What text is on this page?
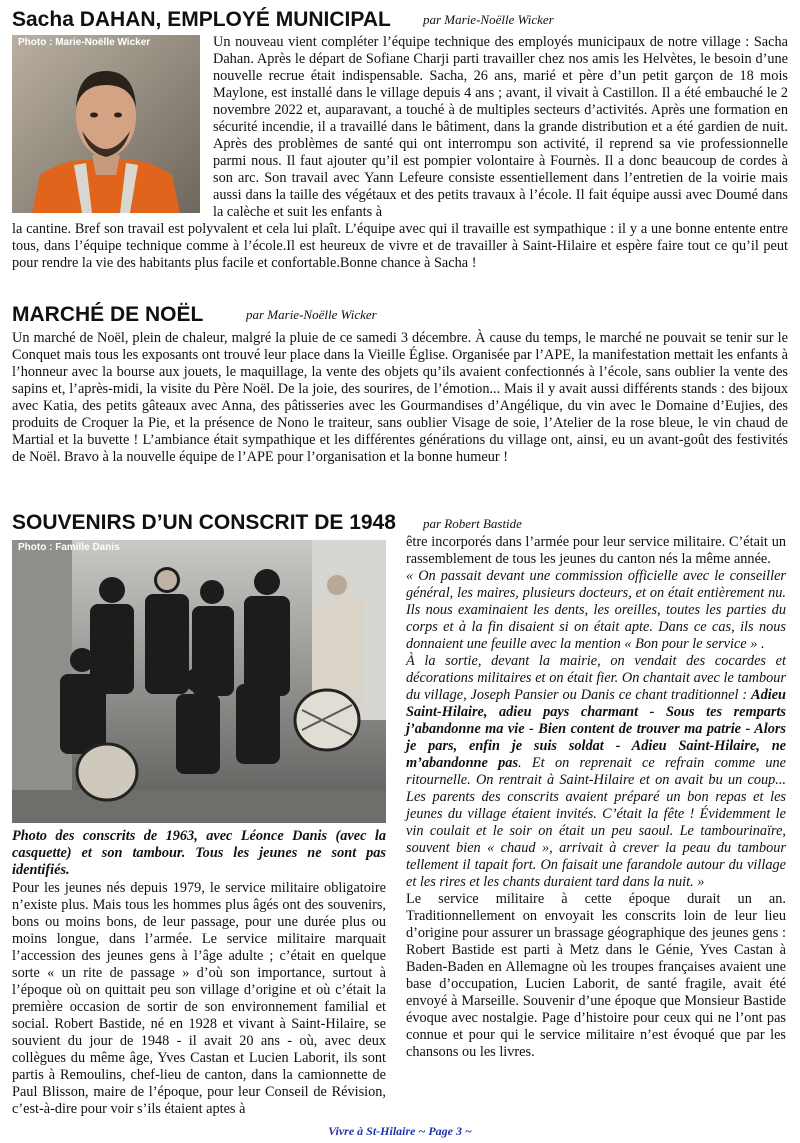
Sacha DAHAN, EMPLOYÉ MUNICIPAL par Marie-Noëlle Wicker
Photo : Marie-Noëlle Wicker	Un nouveau vient compléter l’équipe technique des employés municipaux de notre village : Sacha Dahan. Après le départ de Sofiane Charji parti travailler chez nos amis les Helvètes, le besoin d’une nouvelle recrue était indispensable. Sacha, 26 ans, marié et père d’un petit garçon de 18 mois Maylone, est installé dans le village depuis 4 ans ; avant, il vivait à Castillon. Il a été embauché le 2 novembre 2022 et, auparavant, a touché à de multiples secteurs d’activités. Après une formation en sécurité incendie, il a travaillé dans le bâtiment, dans la grande distribution et a été gardien de nuit. Après des problèmes de santé qui ont interrompu son activité, il reprend sa vie professionnelle parmi nous. Il faut ajouter qu’il est pompier volontaire à Fournès. Il a donc beaucoup de cordes à son arc. Son travail avec Yann Lefeure consiste essentiellement dans l’entretien de la voirie mais aussi dans la taille des végétaux et des petits travaux à l’école. Il fait équipe aussi avec Doumé dans la calèche et suit les enfants à

la cantine. Bref son travail est polyvalent et cela lui plaît. L’équipe avec qui il travaille est sympathique : il y a une bonne entente entre tous, dans l’équipe technique comme à l’école.Il est heureux de vivre et de travailler à Saint-Hilaire et espère faire tout ce qu’il peut pour rendre la vie des habitants plus facile et confortable.Bonne chance à Sacha !

MARCHÉ DE NOËL	par Marie-Noëlle Wicker

Un marché de Noël, plein de chaleur, malgré la pluie de ce samedi 3 décembre. À cause du temps, le marché ne pouvait se tenir sur le Conquet mais tous les exposants ont trouvé leur place dans la Vieille Église. Organisée par l’APE, la manifestation mettait les enfants à l’honneur avec la bourse aux jouets, le maquillage, la vente des objets qu’ils avaient confectionnés à l’école, sans oublier la vente des sapins et, l’après-midi, la visite du Père Noël. De la joie, des sourires, de l’émotion... Mais il y avait aussi différents stands : des bijoux avec Katia, des petits gâteaux avec Anna, des pâtisseries avec les Gourmandises d’Angélique, du vin avec le Domaine d’Eujies, des produits de Croquer la Pie, et la présence de Nono le traiteur, sans oublier Visage de soie, l’Atelier de la rose bleue, le vin chaud de Martial et la buvette ! L’ambiance était sympathique et les différentes générations du village ont, ainsi, eu un avant-goût des festivités de Noël. Bravo à la nouvelle équipe de l’APE pour l’organisation et la bonne humeur !

SOUVENIRS D’UN CONSCRIT DE 1948 par Robert Bastide
Photo : Famille Danis

Photo des conscrits de 1963, avec Léonce Danis (avec la casquette) et son tambour. Tous les jeunes ne sont pas identifiés.

Pour les jeunes nés depuis 1979, le service militaire obligatoire n’existe plus. Mais tous les hommes plus âgés ont des souvenirs, bons ou moins bons, de leur passage, pour une durée plus ou moins longue, dans l’armée. Le service militaire marquait l’accession des jeunes gens à l’âge adulte ; c’était en quelque sorte « un rite de passage » d’où son importance, surtout à l’époque où on quittait peu son village d’origine et où c’était la première occasion de sortir de son environnement familial et social. Robert Bastide, né en 1928 et vivant à Saint-Hilaire, se souvient du jour de 1948 - il avait 20 ans - où, avec deux collègues du même âge, Yves Castan et Lucien Laborit, ils sont partis à Remoulins, chef-lieu de canton, dans la camionnette de Paul Blisson, maire de l’époque, pour leur Conseil de Révision, c’est-à-dire pour voir s’ils étaient aptes à

être incorporés dans l’armée pour leur service militaire. C’était un rassemblement de tous les jeunes du canton nés la même année.

« On passait devant une commission officielle avec le conseiller général, les maires, plusieurs docteurs, et on était entièrement nu. Ils nous examinaient les dents, les oreilles, toutes les parties du corps et à la fin disaient si on était apte. Dans ce cas, ils nous donnaient une feuille avec la mention « Bon pour le service » .

À la sortie, devant la mairie, on vendait des cocardes et décorations militaires et on était fier. On chantait avec le tambour du village, Joseph Pansier ou Danis ce chant traditionnel : Adieu Saint-Hilaire, adieu pays charmant - Sous tes remparts j’abandonne ma vie - Bien content de trouver ma patrie - Alors je pars, enfin je suis soldat - Adieu Saint-Hilaire, ne m’abandonne pas. Et on reprenait ce refrain comme une ritournelle. On rentrait à Saint-Hilaire et on avait bu un coup... Les parents des conscrits avaient préparé un bon repas et les jeunes du village étaient invités. C’était la fête ! Évidemment le vin coulait et le soir on était un peu saoul. Le tambourinaïre, souvent bien « chaud », arrivait à crever la peau du tambour tellement il tapait fort. On faisait une farandole autour du village et les rires et les chants duraient tard dans la nuit. »

Le service militaire à cette époque durait un an. Traditionnellement on envoyait les conscrits loin de leur lieu d’origine pour assurer un brassage géographique des jeunes gens : Robert Bastide est parti à Metz dans le Génie, Yves Castan à Baden-Baden en Allemagne où les troupes françaises avaient une base d’occupation, Lucien Laborit, de santé fragile, avait été envoyé à Marseille. Souvenir d’une époque que Monsieur Bastide évoque avec nostalgie. Page d’histoire pour ceux qui ne l’ont pas connue et pour qui le service militaire n’est évoqué que par les chansons ou les livres.

Vivre à St-Hilaire ~ Page 3 ~
